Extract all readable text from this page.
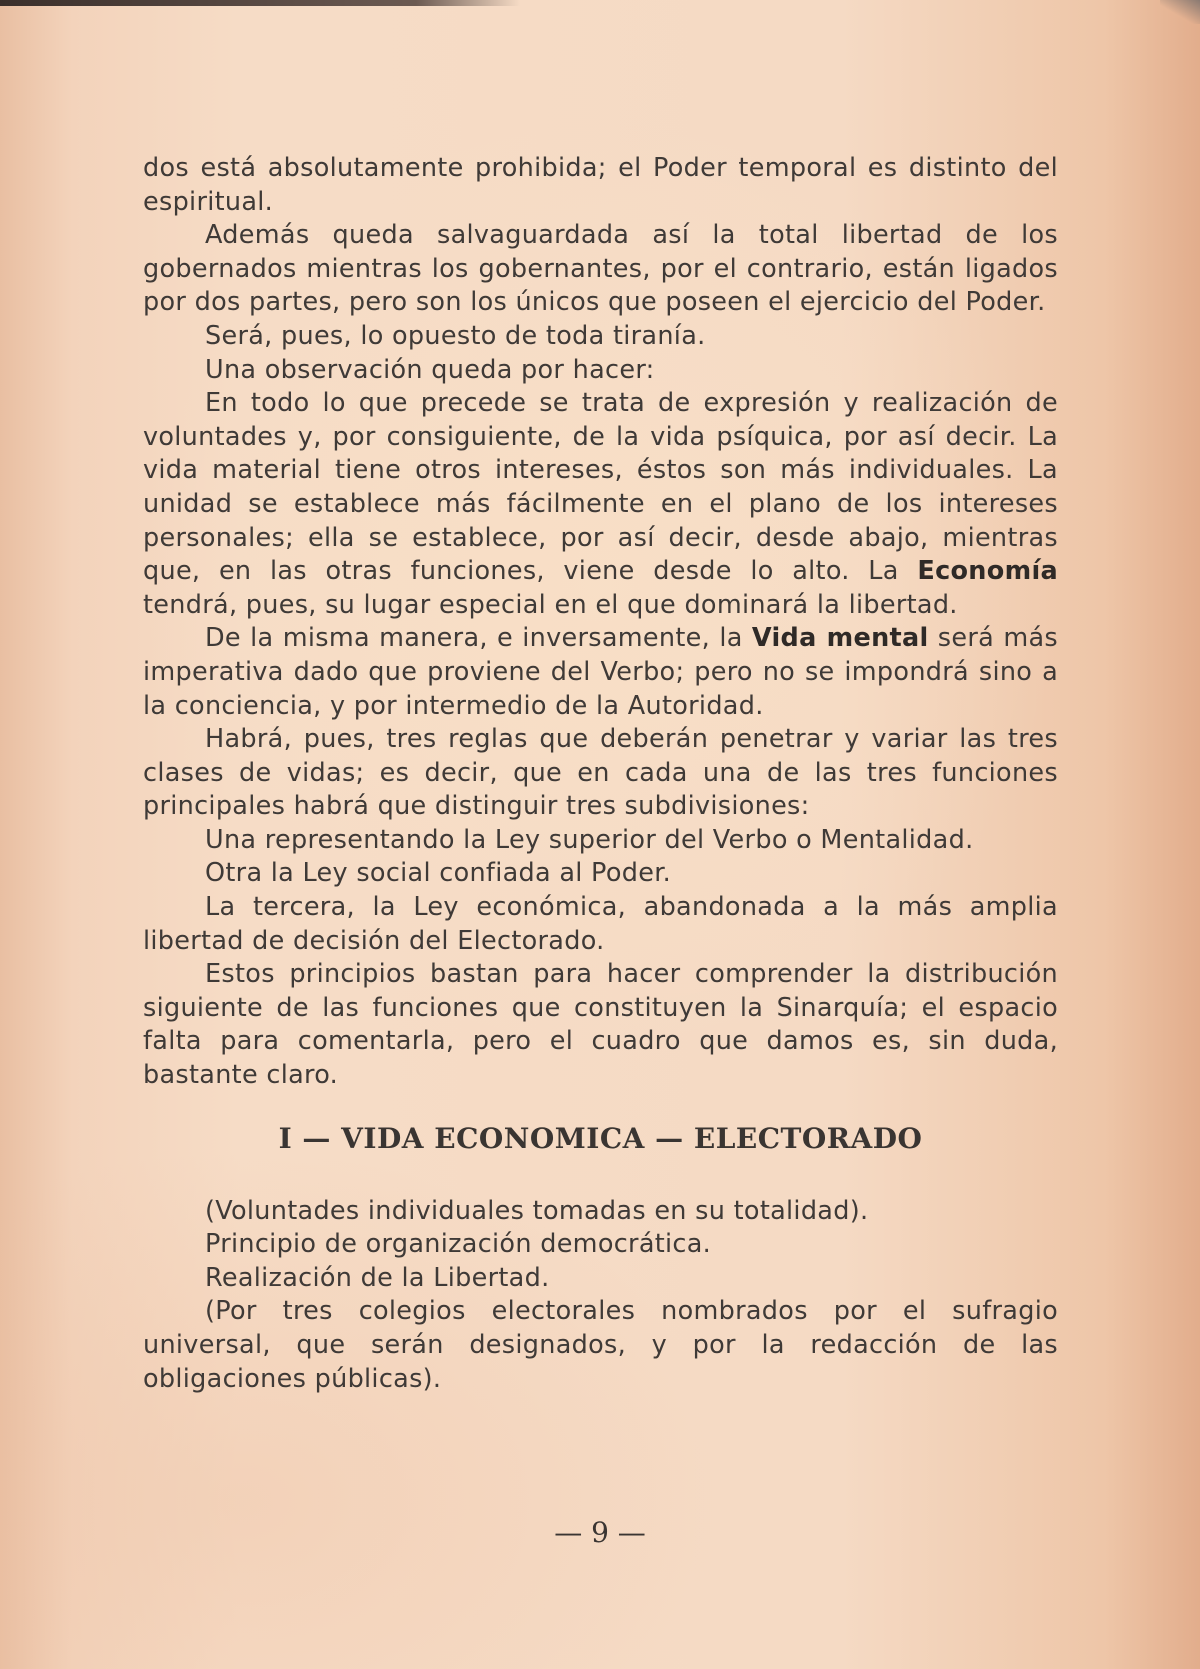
dos está absolutamente prohibida; el Poder temporal es distinto del espiritual.

Además queda salvaguardada así la total libertad de los gobernados mientras los gobernantes, por el contrario, están ligados por dos partes, pero son los únicos que poseen el ejercicio del Poder.

Será, pues, lo opuesto de toda tiranía.

Una observación queda por hacer:

En todo lo que precede se trata de expresión y realización de voluntades y, por consiguiente, de la vida psíquica, por así decir. La vida material tiene otros intereses, éstos son más individuales. La unidad se establece más fácilmente en el plano de los intereses personales; ella se establece, por así decir, desde abajo, mientras que, en las otras funciones, viene desde lo alto. La Economía tendrá, pues, su lugar especial en el que dominará la libertad.

De la misma manera, e inversamente, la Vida mental será más imperativa dado que proviene del Verbo; pero no se impondrá sino a la conciencia, y por intermedio de la Autoridad.

Habrá, pues, tres reglas que deberán penetrar y variar las tres clases de vidas; es decir, que en cada una de las tres funciones principales habrá que distinguir tres subdivisiones:

Una representando la Ley superior del Verbo o Mentalidad.

Otra la Ley social confiada al Poder.

La tercera, la Ley económica, abandonada a la más amplia libertad de decisión del Electorado.

Estos principios bastan para hacer comprender la distribución siguiente de las funciones que constituyen la Sinarquía; el espacio falta para comentarla, pero el cuadro que damos es, sin duda, bastante claro.

I — VIDA ECONOMICA — ELECTORADO

(Voluntades individuales tomadas en su totalidad).

Principio de organización democrática.

Realización de la Libertad.

(Por tres colegios electorales nombrados por el sufragio universal, que serán designados, y por la redacción de las obligaciones públicas).

— 9 —
